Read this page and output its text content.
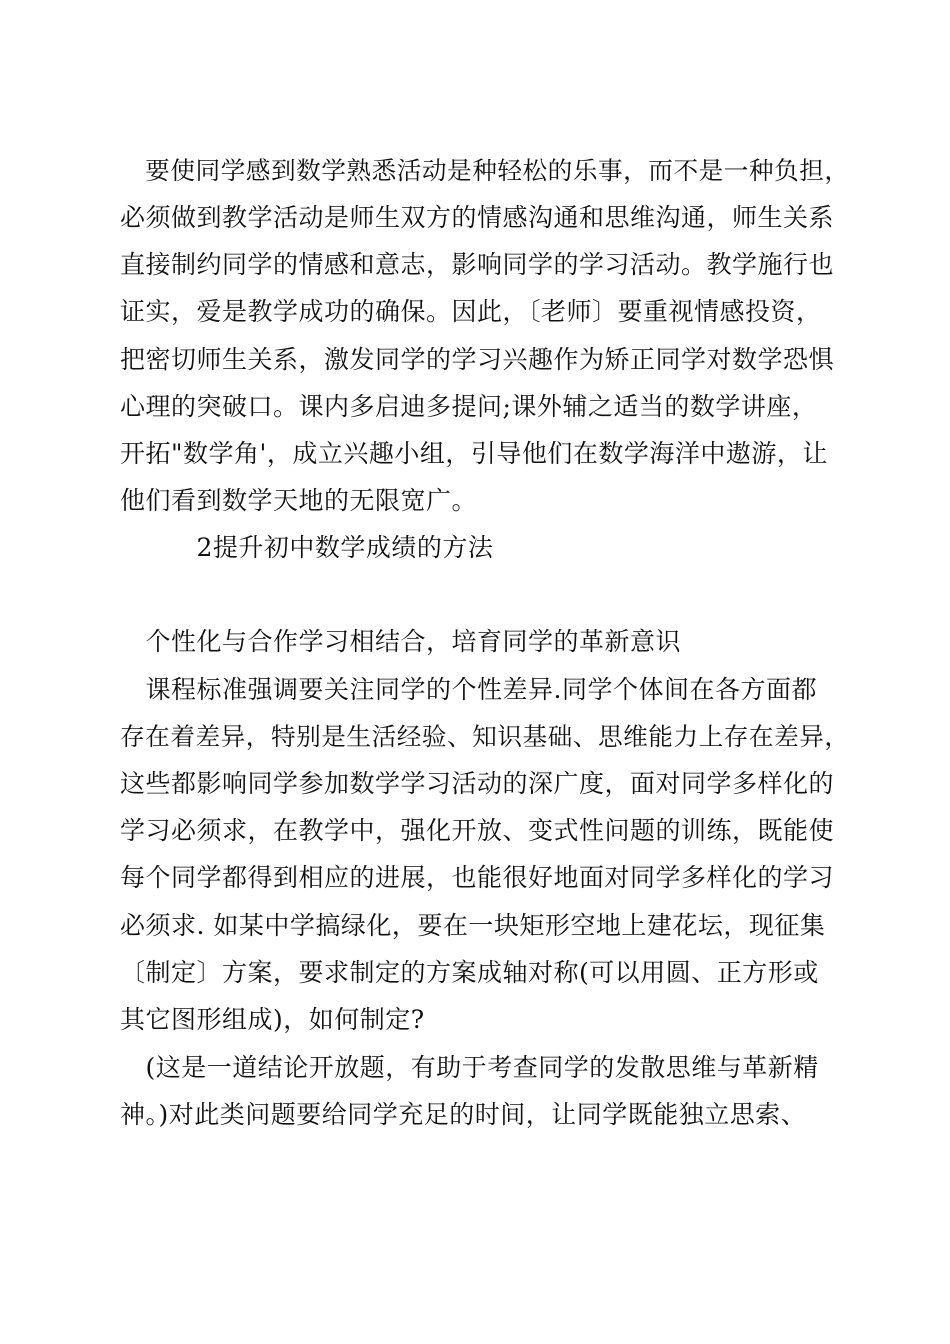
　要使同学感到数学熟悉活动是种轻松的乐事，而不是一种负担，
必须做到教学活动是师生双方的情感沟通和思维沟通，师生关系
直接制约同学的情感和意志，影响同学的学习活动。教学施行也
证实，爱是教学成功的确保。因此，〔老师〕要重视情感投资，
把密切师生关系，激发同学的学习兴趣作为矫正同学对数学恐惧
心理的突破口。课内多启迪多提问;课外辅之适当的数学讲座，
开拓"数学角'，成立兴趣小组，引导他们在数学海洋中遨游，让
他们看到数学天地的无限宽广。
　　　2提升初中数学成绩的方法
　个性化与合作学习相结合，培育同学的革新意识
　课程标准强调要关注同学的个性差异.同学个体间在各方面都
存在着差异，特别是生活经验、知识基础、思维能力上存在差异，
这些都影响同学参加数学学习活动的深广度，面对同学多样化的
学习必须求，在教学中，强化开放、变式性问题的训练，既能使
每个同学都得到相应的进展，也能很好地面对同学多样化的学习
必须求. 如某中学搞绿化，要在一块矩形空地上建花坛，现征集
〔制定〕方案，要求制定的方案成轴对称(可以用圆、正方形或
其它图形组成)，如何制定?
　(这是一道结论开放题，有助于考查同学的发散思维与革新精
神。)对此类问题要给同学充足的时间，让同学既能独立思索、
